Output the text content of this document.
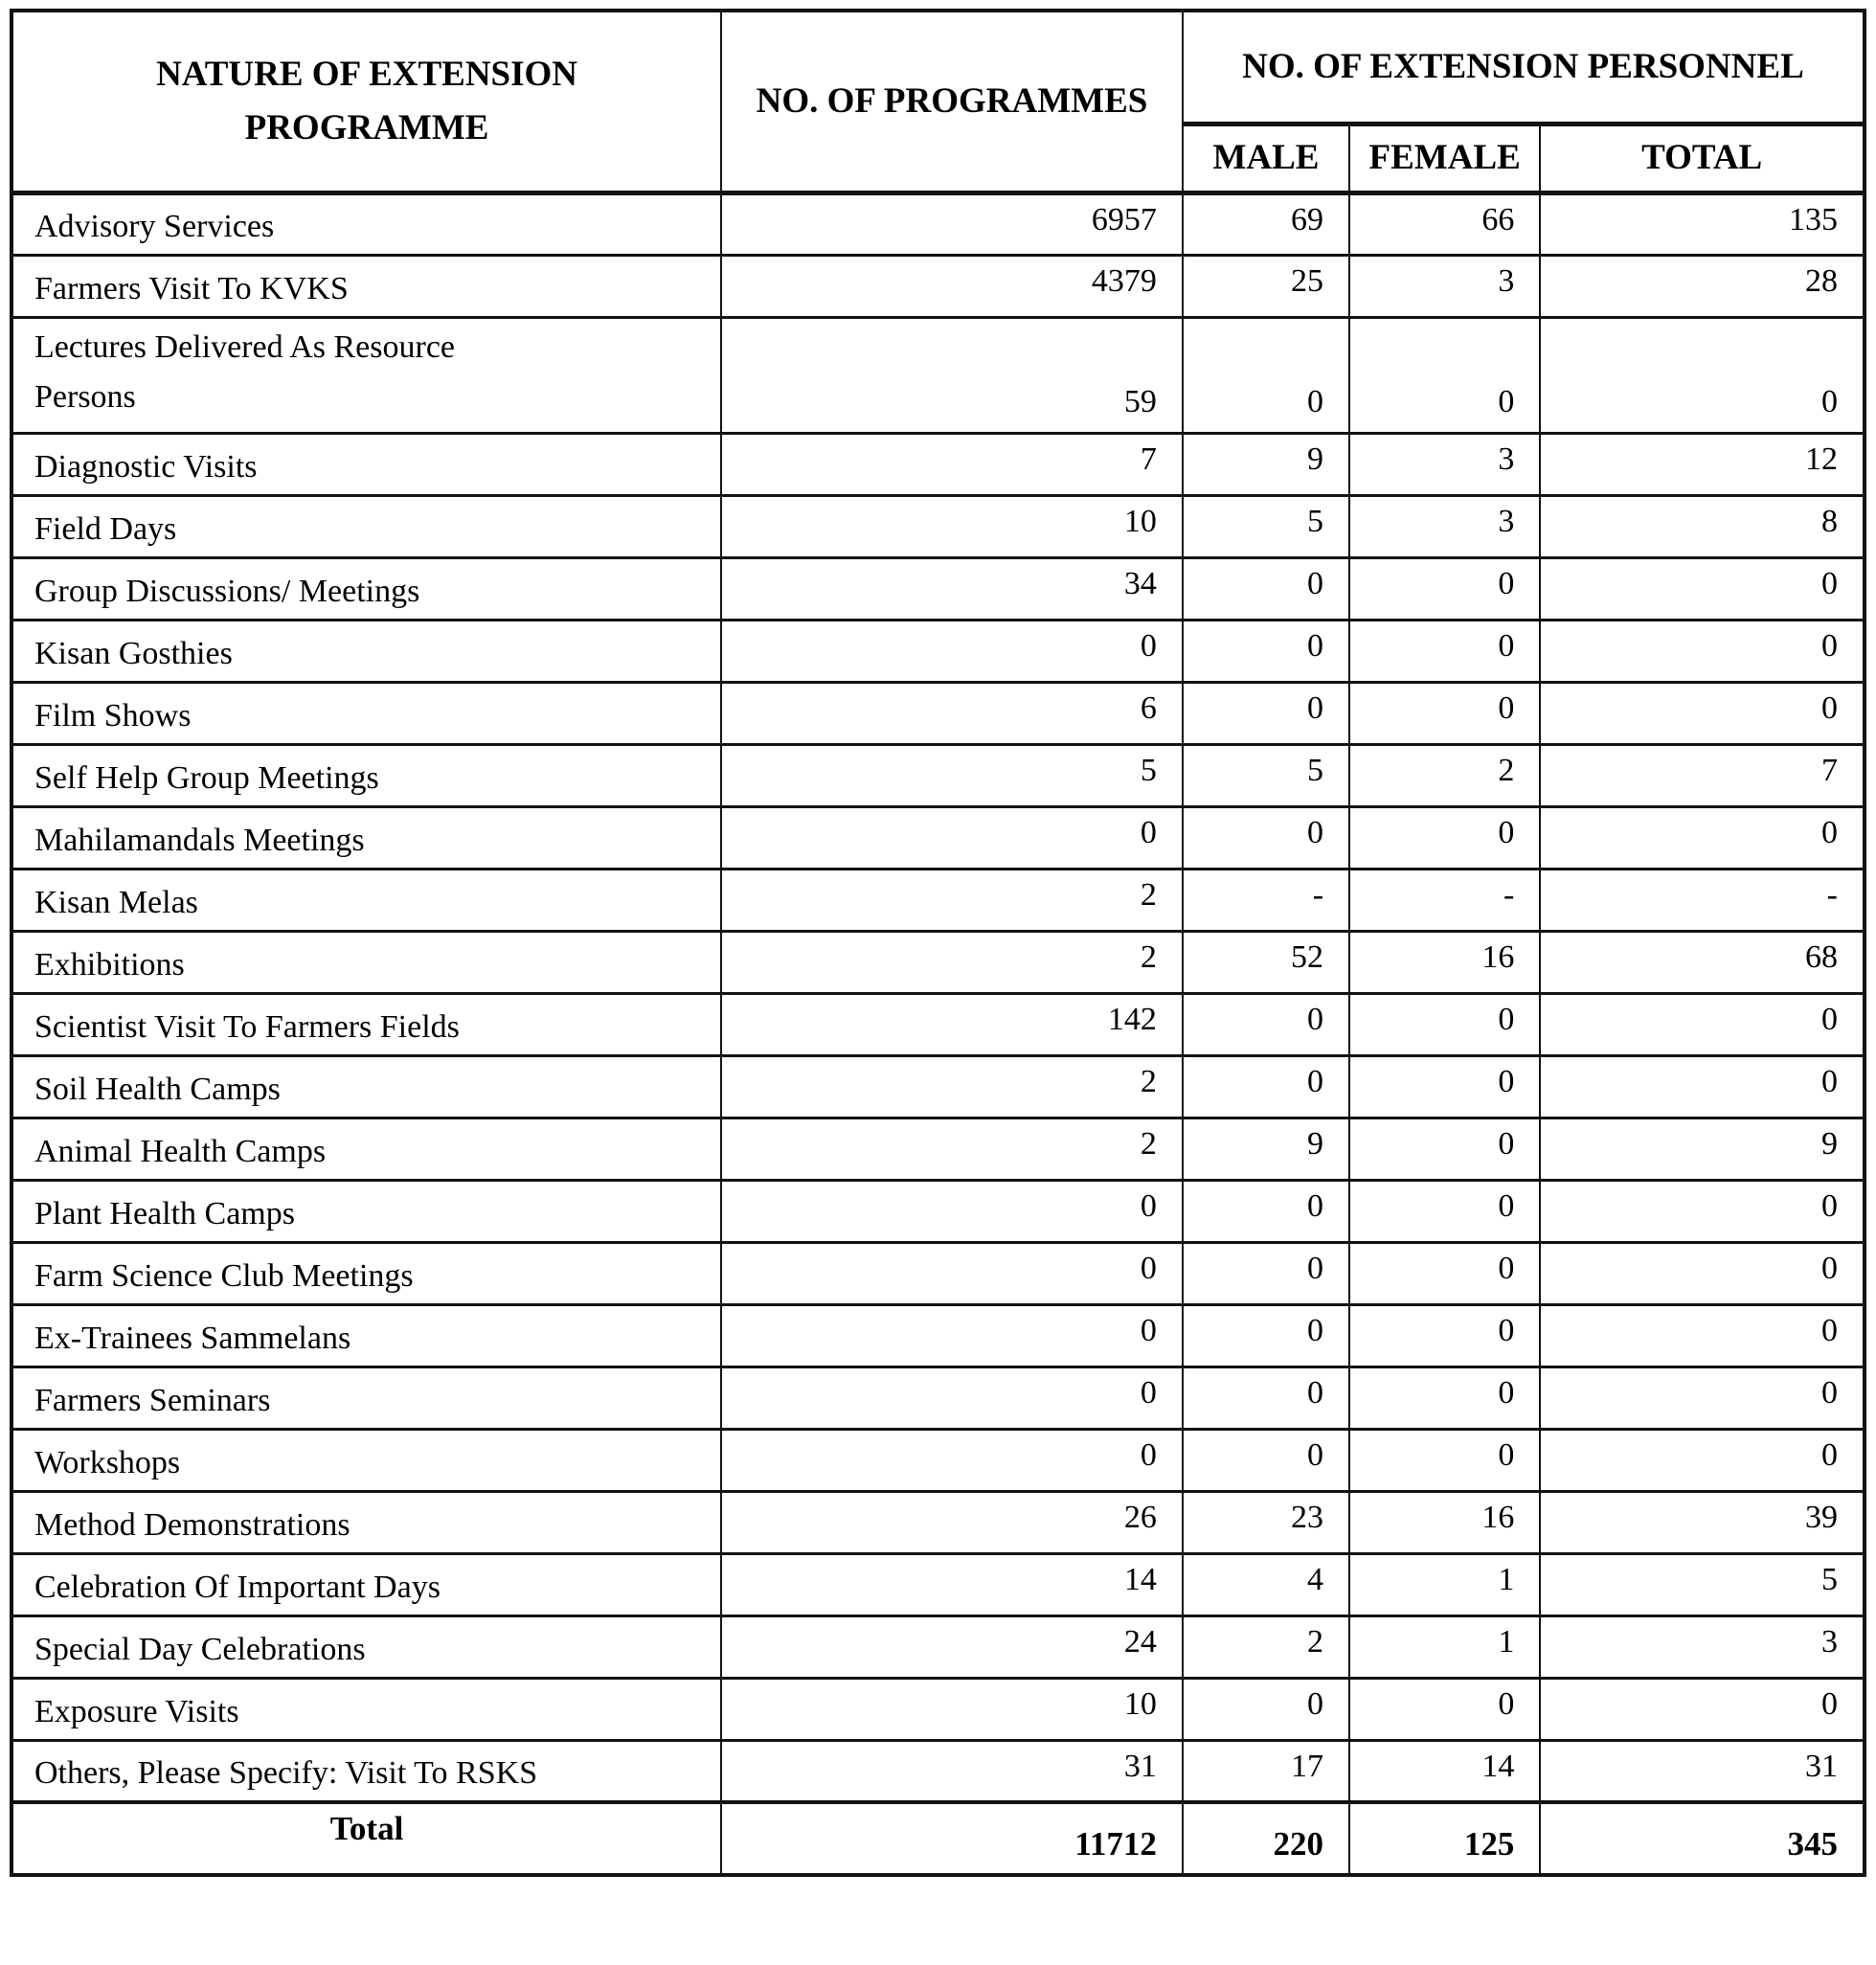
NATURE OF EXTENSION PROGRAMME	NO. OF PROGRAMMES	NO. OF EXTENSION PERSONNEL		
		MALE	FEMALE	TOTAL
Advisory Services	6957	69	66	135
Farmers Visit To KVKS	4379	25	3	28
Lectures Delivered As Resource Persons	59	0	0	0
Diagnostic Visits	7	9	3	12
Field Days	10	5	3	8
Group Discussions/ Meetings	34	0	0	0
Kisan Gosthies	0	0	0	0
Film Shows	6	0	0	0
Self Help Group Meetings	5	5	2	7
Mahilamandals Meetings	0	0	0	0
Kisan Melas	2	-	-	-
Exhibitions	2	52	16	68
Scientist Visit To Farmers Fields	142	0	0	0
Soil Health Camps	2	0	0	0
Animal Health Camps	2	9	0	9
Plant Health Camps	0	0	0	0
Farm Science Club Meetings	0	0	0	0
Ex-Trainees Sammelans	0	0	0	0
Farmers Seminars	0	0	0	0
Workshops	0	0	0	0
Method Demonstrations	26	23	16	39
Celebration Of Important Days	14	4	1	5
Special Day Celebrations	24	2	1	3
Exposure Visits	10	0	0	0
Others, Please Specify: Visit To RSKS	31	17	14	31
Total	11712	220	125	345
